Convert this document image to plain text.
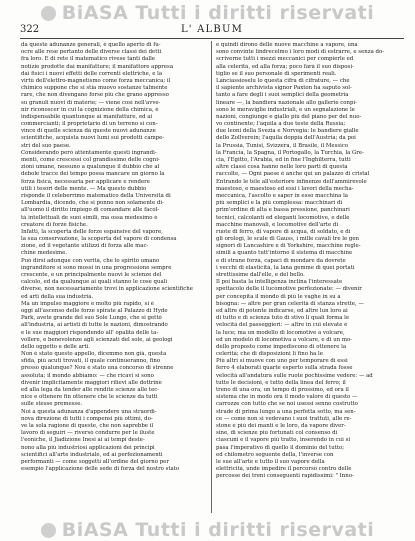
BiASA Tutti i diritti riservati
322	L' ALBUM
da queste adunanze generali, è quello aperto di fu-
ocre alle rese pertanto delle diverse classi dei detti
fra loro. E di rete il matematico rivese tanti dalle
notizie prodotte dai manifatture; il manifattore appresa
dai fisici i nuovi effetti delle correnti elettriche, e la
virtù dell'elettro-magnetismo come forza meccanica; il
chimico suppone che si stia muovo sostanze talmente
rare, che non divengano forse più che grano appresso
su granuli nuovi di materie; — viene così nell'avve-
nir riconoscer in cui la cognizione della chimica, è
indispensabile quantunque ai manifatture, ed ai
commercianti; il proprietario di un terreno si con-
vince di quelle scienza dà queste nuovi adunanze
scientifiche, acquista nuovi lumi sui prodotti campe-
stri del suo paese.
Considerando però attentamente questi ingrandi-
menti, come crescessi col grandissimo delle cogni-
zioni umane, nessuno a qualunque il dubbio che al
debole tracce dei tempo possa mancare un giorno la
forza fisica, necessaria per applicare e rendere
utili i tesori delle mente. — Ma questo dubbio
risponde il celeberrimo matematico della Università di
Lombardia, dicendo, che si ponno non solamente di-
all'uomo il diritto impiego di comandare alle facol-
tà intellettuali de suoi simili, ma ossa medesimo è
creatore di forze fisiche.
Infatti, la scoperta delle forze espansive del vapore,
la sua conservazione, la scoperta del vapore di condensa
zione, ed il vegetante utilizzi di forza alle mac-
chine medesime.
Può dirsi adunque con verità, che lo spirito umano
ingranditore si sono mossi in una progressione sempre
crescente, e un principalmente nuovi le scienze del
calcolo, ed da qualunque ai quali stanno le cose quali
diverse, non necessariamente trovi in applicazione scientifiche
ed arti della sua industria.
Ma un impulso maggiore e molto più rapido, si è
oggi all'ascenso delle forze spirate al Palazzo di Hyde
Park, avete grande del suo Sole Lungo, che si gettò
all'industria, ai artisti di tutte le nazioni, dimostrando
e le sue maggiori rispondendo all' opalità delle ta-
vollere, e benevolenze agli scienzati del sole, ai geologi
dello oggetto e delle arti.
Non è stato questo appello, dicemmo non già, questa
sfida, più acuti trovati, il quale continueranno, fino
presso qualunque? Nou è stato una concorso di strenne
assoluta; il mondo abbiamo: — che ricavi si sono
divenir implicitamente maggiori rilievi alle dottrine
ed alla lega da tender alle rendite scienze alle tec-
nice e ottenere fin ottenere che le scienze da tutti
sulle stesse premesse.
Noi a questa adunanza d'appendere una straordi-
nova direzione di tutti i compensi più ottimi, do-
ve la sola ragione di queste, che non saprebbe il
lavoro di seguiri — riversò condurre per le iluste
l'eoniche, il Jiadizione Inesi ai ai tempi deste-
nono alla più industriosi applicazioni dei principi
scientifici all'arte industriale, ed ai perfezionamenti
performanti — come soggetti all'ordine del giorno per
esempio l'applicazione delle sede di forza del nostro stato
e quindi dirono delle nuove macchine a vapore, una
sono convinte lindrecelmo i loro modi di estrarre, e senza do-
scriverne tutti i mezzi meccanici per compierle ed
alla celerità, ed alla forza; poco farà il suo disposi-
tiglio se il suo personale di sperimenti reali.
Lanciassioselu lo questa cifra di cifrature, — che
il sapiente archivista signor Paxton ha saputo sol-
tanto a fare degli i suoi semplici della geometria
lineare —, la bandiera nazionale allo gallerie conpi-
sono le meraviglie industriali, e un segnalazione le
nazioni, congiunge e giallo più del piano per del nuo-
vo continente; l'aquila a due teste della Russia;
due leoni della Svezia e Norvegia: le bandiere gialle
dello Zollverein; l'aquila doppia dell'Austria; da poi
la Prussia, Tunisi, Svizzera, il Brasile, il Messico
la Francia, la Spagna, il Portogallo, la Turchia, la Gre-
cia, l'Egitto, l'Arabia, ed in fine l'Inghilterra, tutti
altre classi cosa hanno nelle loro parti di questa
raccolte, — Ogni paese è anche qui un palazzo di cristal
Entrando le tele all'esteriore infinenze dell'ammirevole
maestoso, e maestoso ed essi i lavori della mecha-
meccanica, l'ascolto e saper in esso macchina la
più semplici e la più complessa: macchinari di
prim'ordine di alta e bassa pressione, panchinari
tecnici, calcolanti ed eleganti locomotive, e delle
macchine manovali, e locomotive dell'arte di
ruote di ferro, di vapore di acqua, di soldato, e di
gli orologi, le scale di Gauss, i mille cavali tre le gen
signori di Lancashire e di Yorkshire, macchine regle-
simili a quanto tutt'intorno il sistema di macchine
e di strane forza, capaci di mondare da dovrete
i vecchi di elasticità, la lana gemme di quei portati
strettissime dall'elle, e del bello.
Il poi basta la intelligenza inclina l'interessate
spettacolo delle il lucomotive perfezionate: — divenir
per concepita il mondo di più le vaghe in su a
bisogna: — altre per gran celerità di stanza strette, —
ed altre di potente indicarse, ed altre lun loro ai
di tutto e di scienza tuto di stivo li quali forma le
velocità del passeggieri: — altre in cui elevate è
la luce; ma un modello di locomotive a volcare,
ed un modelo di locomotiva a volcare, e di un mo-
dello proposto come impediscono di ottenere la
celerità; che di disposizioni li fino ha le
Più altri si muove con uno per temporare di essi
ferro 4 elaborati quarte esperto sulla strada fosse
velocità all'andatura sulle ruote pochissime vedere: — ad
tutte le decisioni, e tutto della linea del ferro; il
treno di una ora, un tempo di prossimo, ed ora il
sistema che in modo ora il modo valore di questo —
carrozze con tutto che se noi usessi senno costrutto
strade di prima lungo a una perfetta sotto, ma sen-
ce — come non si vedevano i suoi trattuti, alle re-
stone e più dei manti e le loro, da vapore diver-
sine, di scienze più fortunati col consenso di
ciascuni e il vapore più tratto, inserendo in cui si
pasa l'imperativo di quello il dominio del tutto;
ed chilometro seguente della, l'inverse con
le sue all'arte e tutto il suo vapore della
elettricità, unde impedire il percorso contro delle
percosse dei treni conseguenti rapidissimi: " Inno-
BiASA Tutti i diritti riservati
